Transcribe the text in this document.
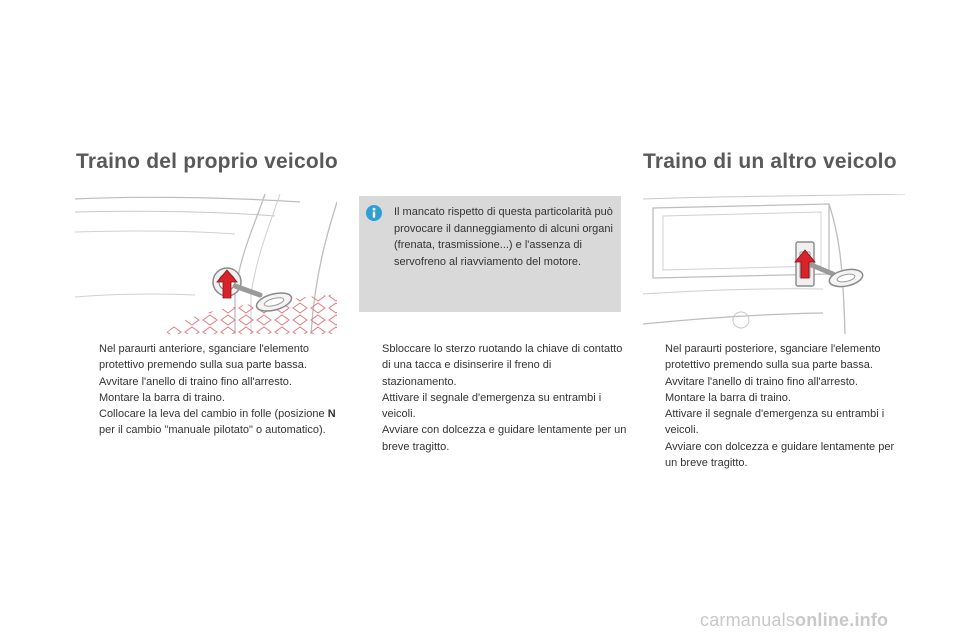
Traino del proprio veicolo	Traino di un altro veicolo
Il mancato rispetto di questa particolarità può provocare il danneggiamento di alcuni organi (frenata, trasmissione...) e l'assenza di servofreno al riavviamento del motore.
Nel paraurti anteriore, sganciare l'elemento protettivo premendo sulla sua parte bassa.
Avvitare l'anello di traino fino all'arresto.
Montare la barra di traino.
Collocare la leva del cambio in folle (posizione N per il cambio "manuale pilotato" o automatico).
Sbloccare lo sterzo ruotando la chiave di contatto di una tacca e disinserire il freno di stazionamento.
Attivare il segnale d'emergenza su entrambi i veicoli.
Avviare con dolcezza e guidare lentamente per un breve tragitto.
Nel paraurti posteriore, sganciare l'elemento protettivo premendo sulla sua parte bassa.
Avvitare l'anello di traino fino all'arresto.
Montare la barra di traino.
Attivare il segnale d'emergenza su entrambi i veicoli.
Avviare con dolcezza e guidare lentamente per un breve tragitto.
carmanualsonline.info
